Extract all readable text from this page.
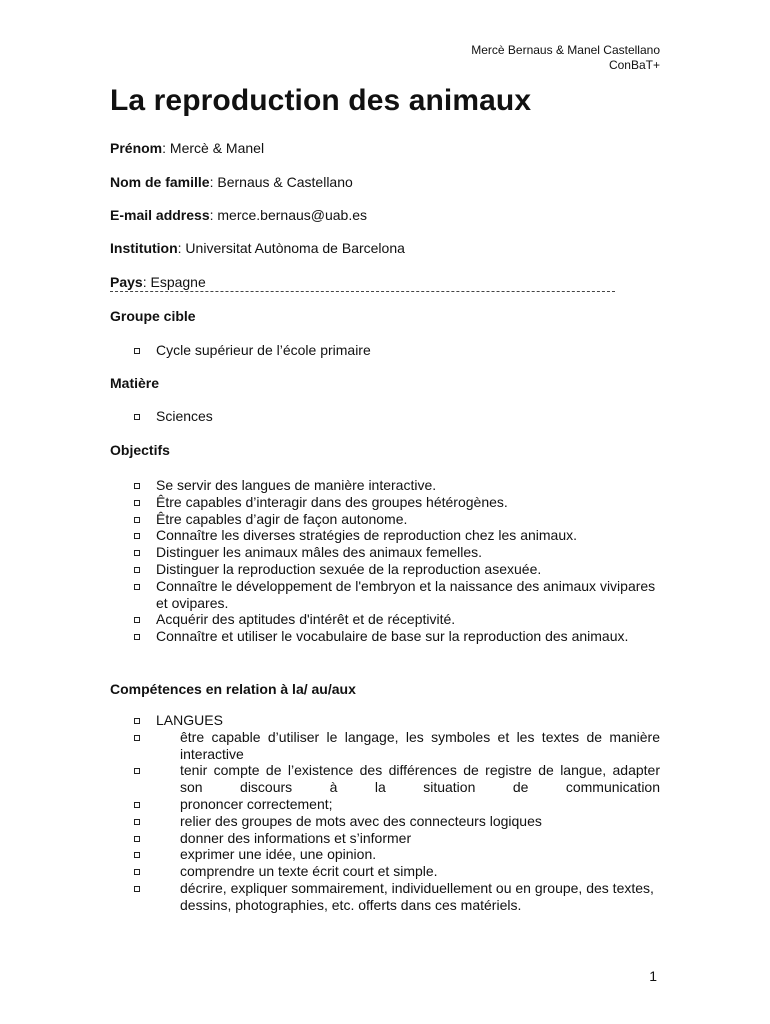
Mercè Bernaus & Manel Castellano
ConBaT+
La reproduction des animaux
Prénom: Mercè & Manel
Nom de famille: Bernaus & Castellano
E-mail address: merce.bernaus@uab.es
Institution: Universitat Autònoma de Barcelona
Pays: Espagne
Groupe cible
Cycle supérieur de l’école primaire
Matière
Sciences
Objectifs
Se servir des langues de manière interactive.
Être capables d’interagir dans des groupes hétérogènes.
Être capables d’agir de façon autonome.
Connaître les diverses stratégies de reproduction chez les animaux.
Distinguer les animaux mâles des animaux femelles.
Distinguer la reproduction sexuée de la reproduction asexuée.
Connaître le développement de l'embryon et la naissance des animaux vivipares et ovipares.
Acquérir des aptitudes d'intérêt et de réceptivité.
Connaître et utiliser le vocabulaire de base sur la reproduction des animaux.
Compétences en relation à la/ au/aux
LANGUES
être capable d’utiliser le langage, les symboles et les textes de manière interactive
tenir compte de l’existence des différences de registre de langue, adapter son discours à la situation de communication
prononcer correctement;
relier des groupes de mots avec des connecteurs logiques
donner des informations et s’informer
exprimer une idée, une opinion.
comprendre un texte écrit court et simple.
décrire, expliquer sommairement, individuellement ou en groupe, des textes, dessins, photographies, etc. offerts dans ces matériels.
1
